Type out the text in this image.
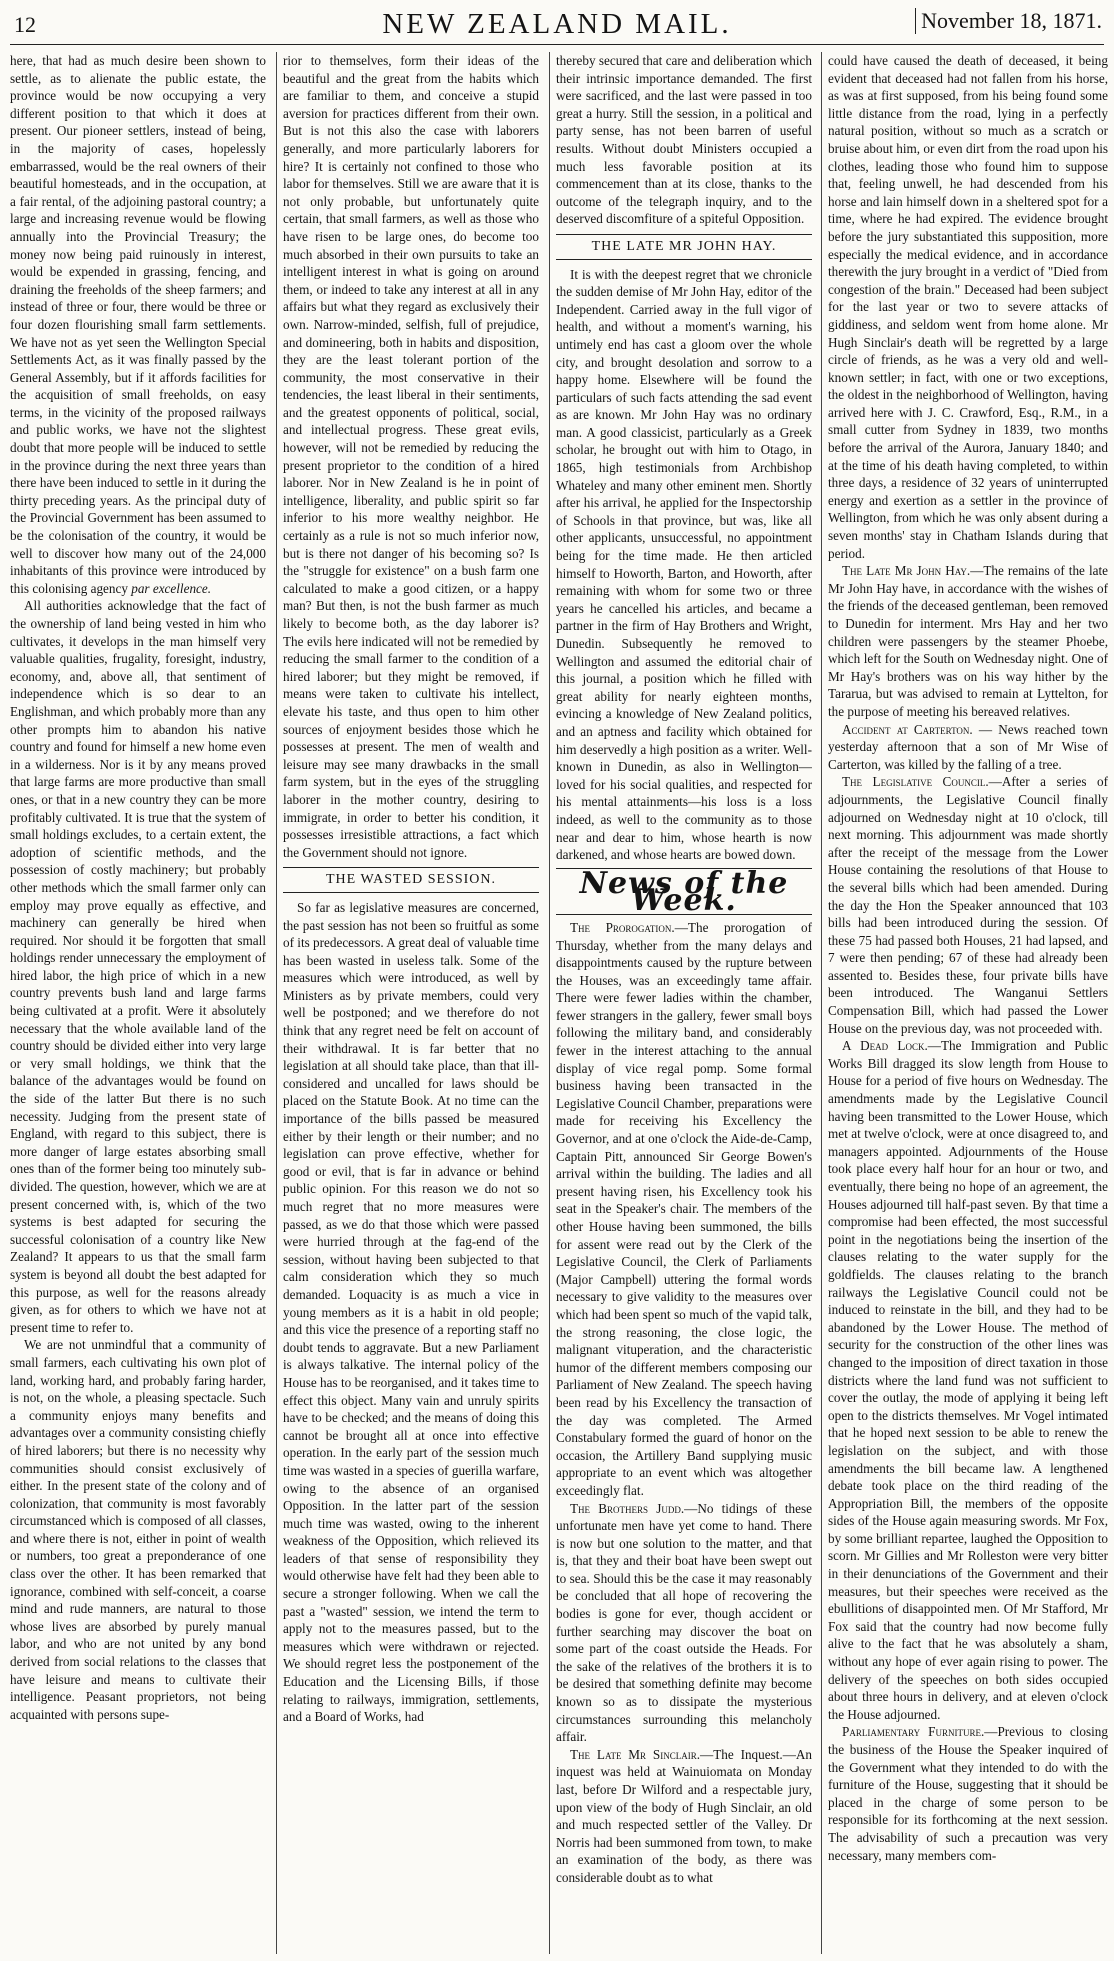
12	NEW ZEALAND MAIL.	November 18, 1871.

here, that had as much desire been shown to settle, as to alienate the public estate, the province would be now occupying a very different position to that which it does at present. Our pioneer settlers, instead of being, in the majority of cases, hopelessly embarrassed, would be the real owners of their beautiful homesteads, and in the occupation, at a fair rental, of the adjoining pastoral country; a large and increasing revenue would be flowing annually into the Provincial Treasury; the money now being paid ruinously in interest, would be expended in grassing, fencing, and draining the freeholds of the sheep farmers; and instead of three or four, there would be three or four dozen flourishing small farm settlements. We have not as yet seen the Wellington Special Settlements Act, as it was finally passed by the General Assembly, but if it affords facilities for the acquisition of small freeholds, on easy terms, in the vicinity of the proposed railways and public works, we have not the slightest doubt that more people will be induced to settle in the province during the next three years than there have been induced to settle in it during the thirty preceding years. As the principal duty of the Provincial Government has been assumed to be the colonisation of the country, it would be well to discover how many out of the 24,000 inhabitants of this province were introduced by this colonising agency par excellence.

All authorities acknowledge that the fact of the ownership of land being vested in him who cultivates, it develops in the man himself very valuable qualities, frugality, foresight, industry, economy, and, above all, that sentiment of independence which is so dear to an Englishman, and which probably more than any other prompts him to abandon his native country and found for himself a new home even in a wilderness. Nor is it by any means proved that large farms are more productive than small ones, or that in a new country they can be more profitably cultivated. It is true that the system of small holdings excludes, to a certain extent, the adoption of scientific methods, and the possession of costly machinery; but probably other methods which the small farmer only can employ may prove equally as effective, and machinery can generally be hired when required. Nor should it be forgotten that small holdings render unnecessary the employment of hired labor, the high price of which in a new country prevents bush land and large farms being cultivated at a profit. Were it absolutely necessary that the whole available land of the country should be divided either into very large or very small holdings, we think that the balance of the advantages would be found on the side of the latter But there is no such necessity. Judging from the present state of England, with regard to this subject, there is more danger of large estates absorbing small ones than of the former being too minutely sub-divided. The question, however, which we are at present concerned with, is, which of the two systems is best adapted for securing the successful colonisation of a country like New Zealand? It appears to us that the small farm system is beyond all doubt the best adapted for this purpose, as well for the reasons already given, as for others to which we have not at present time to refer to.

We are not unmindful that a community of small farmers, each cultivating his own plot of land, working hard, and probably faring harder, is not, on the whole, a pleasing spectacle. Such a community enjoys many benefits and advantages over a community consisting chiefly of hired laborers; but there is no necessity why communities should consist exclusively of either. In the present state of the colony and of colonization, that community is most favorably circumstanced which is composed of all classes, and where there is not, either in point of wealth or numbers, too great a preponderance of one class over the other. It has been remarked that ignorance, combined with self-conceit, a coarse mind and rude manners, are natural to those whose lives are absorbed by purely manual labor, and who are not united by any bond derived from social relations to the classes that have leisure and means to cultivate their intelligence. Peasant proprietors, not being acquainted with persons supe-

rior to themselves, form their ideas of the beautiful and the great from the habits which are familiar to them, and conceive a stupid aversion for practices different from their own. But is not this also the case with laborers generally, and more particularly laborers for hire? It is certainly not confined to those who labor for themselves. Still we are aware that it is not only probable, but unfortunately quite certain, that small farmers, as well as those who have risen to be large ones, do become too much absorbed in their own pursuits to take an intelligent interest in what is going on around them, or indeed to take any interest at all in any affairs but what they regard as exclusively their own. Narrow-minded, selfish, full of prejudice, and domineering, both in habits and disposition, they are the least tolerant portion of the community, the most conservative in their tendencies, the least liberal in their sentiments, and the greatest opponents of political, social, and intellectual progress. These great evils, however, will not be remedied by reducing the present proprietor to the condition of a hired laborer. Nor in New Zealand is he in point of intelligence, liberality, and public spirit so far inferior to his more wealthy neighbor. He certainly as a rule is not so much inferior now, but is there not danger of his becoming so? Is the "struggle for existence" on a bush farm one calculated to make a good citizen, or a happy man? But then, is not the bush farmer as much likely to become both, as the day laborer is? The evils here indicated will not be remedied by reducing the small farmer to the condition of a hired laborer; but they might be removed, if means were taken to cultivate his intellect, elevate his taste, and thus open to him other sources of enjoyment besides those which he possesses at present. The men of wealth and leisure may see many drawbacks in the small farm system, but in the eyes of the struggling laborer in the mother country, desiring to immigrate, in order to better his condition, it possesses irresistible attractions, a fact which the Government should not ignore.

THE WASTED SESSION.

So far as legislative measures are concerned, the past session has not been so fruitful as some of its predecessors. A great deal of valuable time has been wasted in useless talk. Some of the measures which were introduced, as well by Ministers as by private members, could very well be postponed; and we therefore do not think that any regret need be felt on account of their withdrawal. It is far better that no legislation at all should take place, than that ill-considered and uncalled for laws should be placed on the Statute Book. At no time can the importance of the bills passed be measured either by their length or their number; and no legislation can prove effective, whether for good or evil, that is far in advance or behind public opinion. For this reason we do not so much regret that no more measures were passed, as we do that those which were passed were hurried through at the fag-end of the session, without having been subjected to that calm consideration which they so much demanded. Loquacity is as much a vice in young members as it is a habit in old people; and this vice the presence of a reporting staff no doubt tends to aggravate. But a new Parliament is always talkative. The internal policy of the House has to be reorganised, and it takes time to effect this object. Many vain and unruly spirits have to be checked; and the means of doing this cannot be brought all at once into effective operation. In the early part of the session much time was wasted in a species of guerilla warfare, owing to the absence of an organised Opposition. In the latter part of the session much time was wasted, owing to the inherent weakness of the Opposition, which relieved its leaders of that sense of responsibility they would otherwise have felt had they been able to secure a stronger following. When we call the past a "wasted" session, we intend the term to apply not to the measures passed, but to the measures which were withdrawn or rejected. We should regret less the postponement of the Education and the Licensing Bills, if those relating to railways, immigration, settlements, and a Board of Works, had

thereby secured that care and deliberation which their intrinsic importance demanded. The first were sacrificed, and the last were passed in too great a hurry. Still the session, in a political and party sense, has not been barren of useful results. Without doubt Ministers occupied a much less favorable position at its commencement than at its close, thanks to the outcome of the telegraph inquiry, and to the deserved discomfiture of a spiteful Opposition.

THE LATE MR JOHN HAY.

It is with the deepest regret that we chronicle the sudden demise of Mr John Hay, editor of the Independent. Carried away in the full vigor of health, and without a moment's warning, his untimely end has cast a gloom over the whole city, and brought desolation and sorrow to a happy home. Elsewhere will be found the particulars of such facts attending the sad event as are known. Mr John Hay was no ordinary man. A good classicist, particularly as a Greek scholar, he brought out with him to Otago, in 1865, high testimonials from Archbishop Whateley and many other eminent men. Shortly after his arrival, he applied for the Inspectorship of Schools in that province, but was, like all other applicants, unsuccessful, no appointment being for the time made. He then articled himself to Howorth, Barton, and Howorth, after remaining with whom for some two or three years he cancelled his articles, and became a partner in the firm of Hay Brothers and Wright, Dunedin. Subsequently he removed to Wellington and assumed the editorial chair of this journal, a position which he filled with great ability for nearly eighteen months, evincing a knowledge of New Zealand politics, and an aptness and facility which obtained for him deservedly a high position as a writer. Well-known in Dunedin, as also in Wellington—loved for his social qualities, and respected for his mental attainments—his loss is a loss indeed, as well to the community as to those near and dear to him, whose hearth is now darkened, and whose hearts are bowed down.

News of the Week.

The Prorogation.—The prorogation of Thursday, whether from the many delays and disappointments caused by the rupture between the Houses, was an exceedingly tame affair. There were fewer ladies within the chamber, fewer strangers in the gallery, fewer small boys following the military band, and considerably fewer in the interest attaching to the annual display of vice regal pomp. Some formal business having been transacted in the Legislative Council Chamber, preparations were made for receiving his Excellency the Governor, and at one o'clock the Aide-de-Camp, Captain Pitt, announced Sir George Bowen's arrival within the building. The ladies and all present having risen, his Excellency took his seat in the Speaker's chair. The members of the other House having been summoned, the bills for assent were read out by the Clerk of the Legislative Council, the Clerk of Parliaments (Major Campbell) uttering the formal words necessary to give validity to the measures over which had been spent so much of the vapid talk, the strong reasoning, the close logic, the malignant vituperation, and the characteristic humor of the different members composing our Parliament of New Zealand. The speech having been read by his Excellency the transaction of the day was completed. The Armed Constabulary formed the guard of honor on the occasion, the Artillery Band supplying music appropriate to an event which was altogether exceedingly flat.

The Brothers Judd.—No tidings of these unfortunate men have yet come to hand. There is now but one solution to the matter, and that is, that they and their boat have been swept out to sea. Should this be the case it may reasonably be concluded that all hope of recovering the bodies is gone for ever, though accident or further searching may discover the boat on some part of the coast outside the Heads. For the sake of the relatives of the brothers it is to be desired that something definite may become known so as to dissipate the mysterious circumstances surrounding this melancholy affair.

The Late Mr Sinclair.—The Inquest.—An inquest was held at Wainuiomata on Monday last, before Dr Wilford and a respectable jury, upon view of the body of Hugh Sinclair, an old and much respected settler of the Valley. Dr Norris had been summoned from town, to make an examination of the body, as there was considerable doubt as to what

could have caused the death of deceased, it being evident that deceased had not fallen from his horse, as was at first supposed, from his being found some little distance from the road, lying in a perfectly natural position, without so much as a scratch or bruise about him, or even dirt from the road upon his clothes, leading those who found him to suppose that, feeling unwell, he had descended from his horse and lain himself down in a sheltered spot for a time, where he had expired. The evidence brought before the jury substantiated this supposition, more especially the medical evidence, and in accordance therewith the jury brought in a verdict of "Died from congestion of the brain." Deceased had been subject for the last year or two to severe attacks of giddiness, and seldom went from home alone. Mr Hugh Sinclair's death will be regretted by a large circle of friends, as he was a very old and well-known settler; in fact, with one or two exceptions, the oldest in the neighborhood of Wellington, having arrived here with J. C. Crawford, Esq., R.M., in a small cutter from Sydney in 1839, two months before the arrival of the Aurora, January 1840; and at the time of his death having completed, to within three days, a residence of 32 years of uninterrupted energy and exertion as a settler in the province of Wellington, from which he was only absent during a seven months' stay in Chatham Islands during that period.

The Late Mr John Hay.—The remains of the late Mr John Hay have, in accordance with the wishes of the friends of the deceased gentleman, been removed to Dunedin for interment. Mrs Hay and her two children were passengers by the steamer Phoebe, which left for the South on Wednesday night. One of Mr Hay's brothers was on his way hither by the Tararua, but was advised to remain at Lyttelton, for the purpose of meeting his bereaved relatives.

Accident at Carterton. — News reached town yesterday afternoon that a son of Mr Wise of Carterton, was killed by the falling of a tree.

The Legislative Council.—After a series of adjournments, the Legislative Council finally adjourned on Wednesday night at 10 o'clock, till next morning. This adjournment was made shortly after the receipt of the message from the Lower House containing the resolutions of that House to the several bills which had been amended. During the day the Hon the Speaker announced that 103 bills had been introduced during the session. Of these 75 had passed both Houses, 21 had lapsed, and 7 were then pending; 67 of these had already been assented to. Besides these, four private bills have been introduced. The Wanganui Settlers Compensation Bill, which had passed the Lower House on the previous day, was not proceeded with.

A Dead Lock.—The Immigration and Public Works Bill dragged its slow length from House to House for a period of five hours on Wednesday. The amendments made by the Legislative Council having been transmitted to the Lower House, which met at twelve o'clock, were at once disagreed to, and managers appointed. Adjournments of the House took place every half hour for an hour or two, and eventually, there being no hope of an agreement, the Houses adjourned till half-past seven. By that time a compromise had been effected, the most successful point in the negotiations being the insertion of the clauses relating to the water supply for the goldfields. The clauses relating to the branch railways the Legislative Council could not be induced to reinstate in the bill, and they had to be abandoned by the Lower House. The method of security for the construction of the other lines was changed to the imposition of direct taxation in those districts where the land fund was not sufficient to cover the outlay, the mode of applying it being left open to the districts themselves. Mr Vogel intimated that he hoped next session to be able to renew the legislation on the subject, and with those amendments the bill became law. A lengthened debate took place on the third reading of the Appropriation Bill, the members of the opposite sides of the House again measuring swords. Mr Fox, by some brilliant repartee, laughed the Opposition to scorn. Mr Gillies and Mr Rolleston were very bitter in their denunciations of the Government and their measures, but their speeches were received as the ebullitions of disappointed men. Of Mr Stafford, Mr Fox said that the country had now become fully alive to the fact that he was absolutely a sham, without any hope of ever again rising to power. The delivery of the speeches on both sides occupied about three hours in delivery, and at eleven o'clock the House adjourned.

Parliamentary Furniture.—Previous to closing the business of the House the Speaker inquired of the Government what they intended to do with the furniture of the House, suggesting that it should be placed in the charge of some person to be responsible for its forthcoming at the next session. The advisability of such a precaution was very necessary, many members com-
